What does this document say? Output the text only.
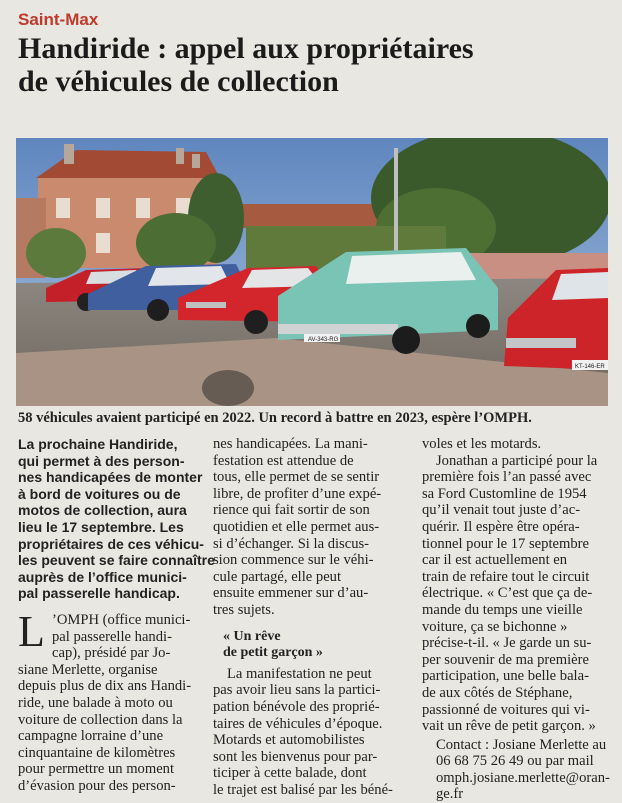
Saint-Max
Handiride : appel aux propriétaires
de véhicules de collection
AV-343-RG
KT-146-ER
58 véhicules avaient participé en 2022. Un record à battre en 2023, espère l’OMPH.
La prochaine Handiride,
qui permet à des person-
nes handicapées de monter
à bord de voitures ou de
motos de collection, aura
lieu le 17 septembre. Les
propriétaires de ces véhicu-
les peuvent se faire connaître
auprès de l’office munici-
pal passerelle handicap.
L ’OMPH (office munici-
pal passerelle handi-
cap), présidé par Jo-
siane Merlette, organise
depuis plus de dix ans Handi-
ride, une balade à moto ou
voiture de collection dans la
campagne lorraine d’une
cinquantaine de kilomètres
pour permettre un moment
d’évasion pour des person-
nes handicapées. La mani-
festation est attendue de
tous, elle permet de se sentir
libre, de profiter d’une expé-
rience qui fait sortir de son
quotidien et elle permet aus-
si d’échanger. Si la discus-
sion commence sur le véhi-
cule partagé, elle peut
ensuite emmener sur d’au-
tres sujets.
« Un rêve
de petit garçon »
La manifestation ne peut
pas avoir lieu sans la partici-
pation bénévole des proprié-
taires de véhicules d’époque.
Motards et automobilistes
sont les bienvenus pour par-
ticiper à cette balade, dont
le trajet est balisé par les béné-
voles et les motards.
Jonathan a participé pour la
première fois l’an passé avec
sa Ford Customline de 1954
qu’il venait tout juste d’ac-
quérir. Il espère être opéra-
tionnel pour le 17 septembre
car il est actuellement en
train de refaire tout le circuit
électrique. « C’est que ça de-
mande du temps une vieille
voiture, ça se bichonne »
précise-t-il. « Je garde un su-
per souvenir de ma première
participation, une belle bala-
de aux côtés de Stéphane,
passionné de voitures qui vi-
vait un rêve de petit garçon. »
Contact : Josiane Merlette au
06 68 75 26 49 ou par mail
omph.josiane.merlette@oran-
ge.fr
